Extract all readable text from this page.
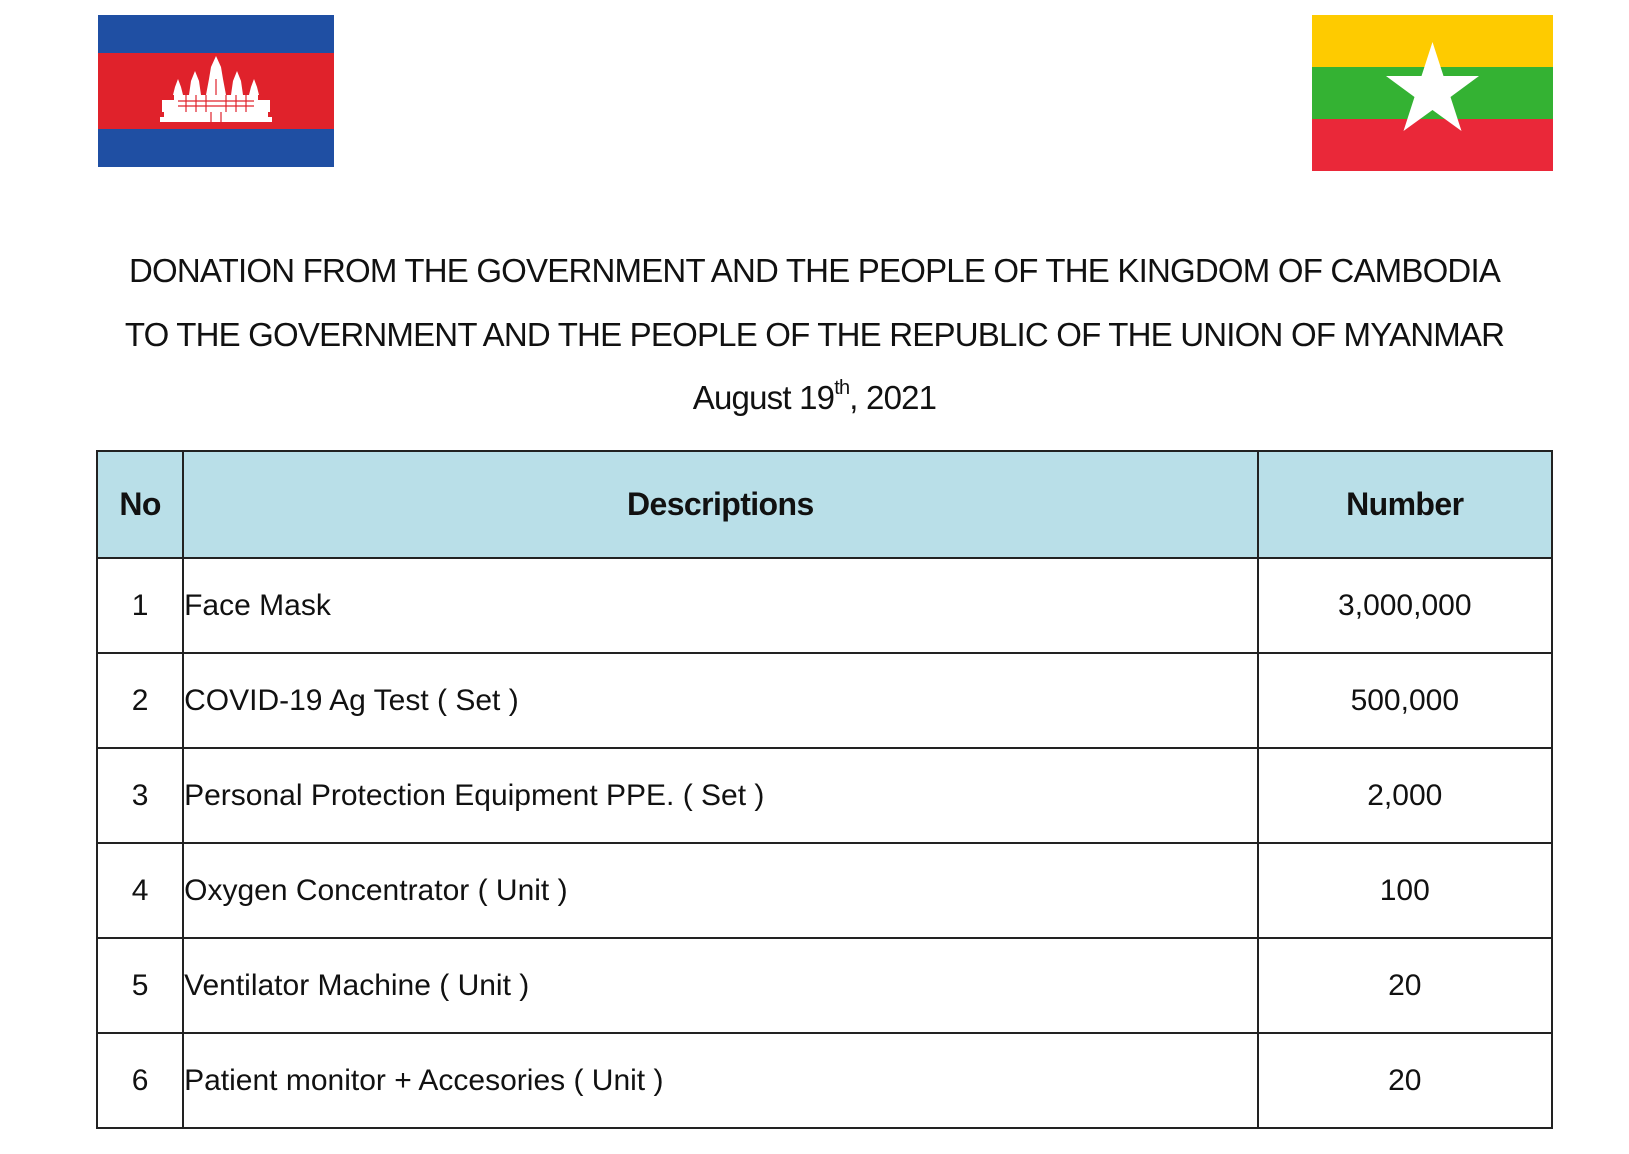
DONATION FROM THE GOVERNMENT AND THE PEOPLE OF THE KINGDOM OF CAMBODIA
TO THE GOVERNMENT AND THE PEOPLE OF THE REPUBLIC OF THE UNION OF MYANMAR
August 19th, 2021
No	Descriptions	Number
1	Face Mask	3,000,000
2	COVID-19 Ag Test ( Set )	500,000
3	Personal Protection Equipment PPE. ( Set )	2,000
4	Oxygen Concentrator ( Unit )	100
5	Ventilator Machine ( Unit )	20
6	Patient monitor + Accesories ( Unit )	20
